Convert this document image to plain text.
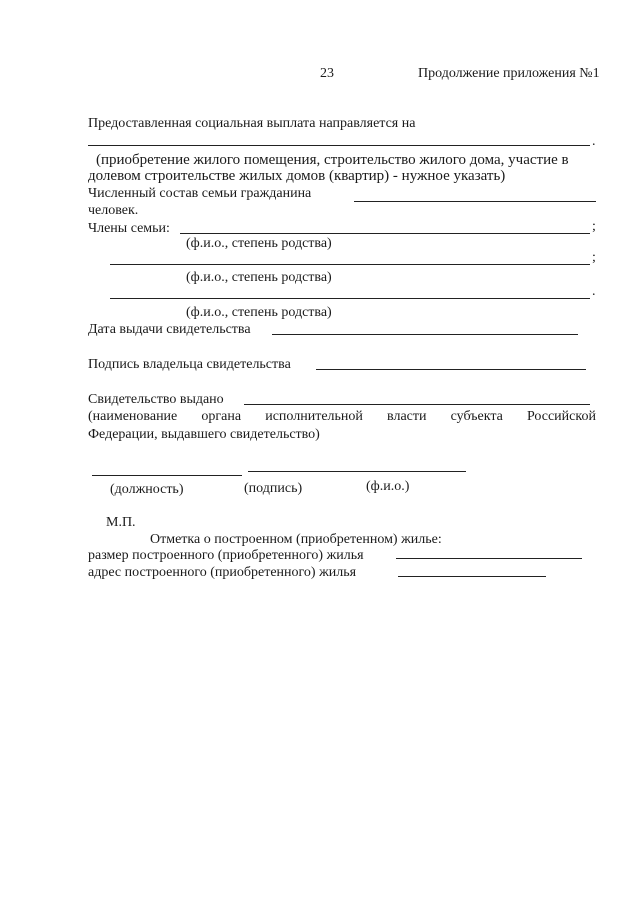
23	Продолжение приложения №1
Предоставленная социальная выплата направляется на
.
(приобретение жилого помещения, строительство жилого дома, участие в
долевом строительстве жилых домов (квартир) - нужное указать)
Численный состав семьи гражданина
человек.
Члены семьи:	;
(ф.и.о., степень родства)
;
(ф.и.о., степень родства)
.
(ф.и.о., степень родства)
Дата выдачи свидетельства
Подпись владельца свидетельства
Свидетельство выдано
(наименование органа исполнительной власти субъекта Российской
Федерации, выдавшего свидетельство)
(должность)	(подпись)	(ф.и.о.)
М.П.
Отметка о построенном (приобретенном) жилье:
размер построенного (приобретенного) жилья
адрес построенного (приобретенного) жилья
